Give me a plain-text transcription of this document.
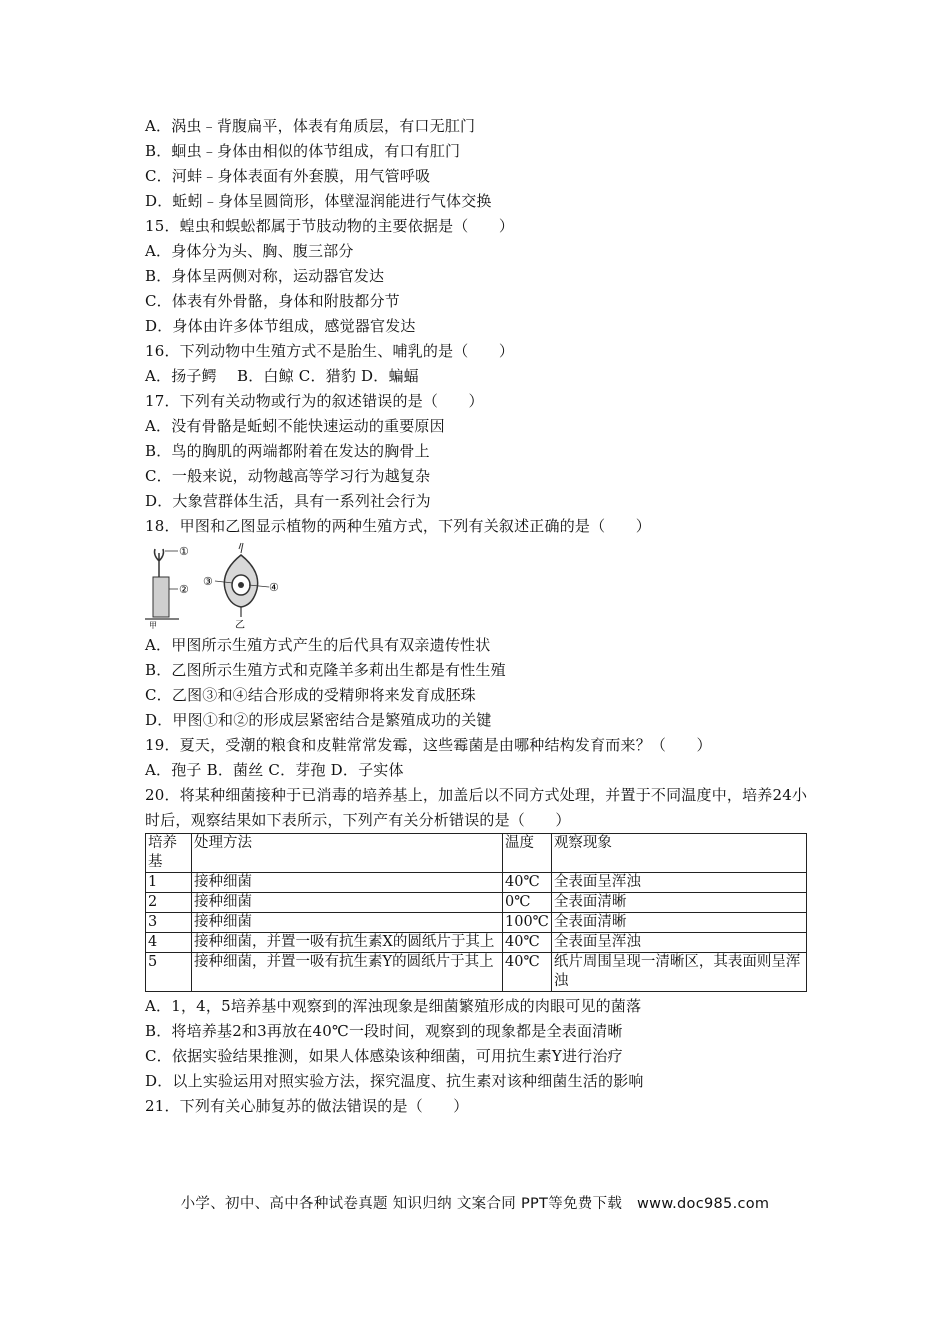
A．涡虫﹣背腹扁平，体表有角质层，有口无肛门
B．蛔虫﹣身体由相似的体节组成，有口有肛门
C．河蚌﹣身体表面有外套膜，用气管呼吸
D．蚯蚓﹣身体呈圆筒形，体壁湿润能进行气体交换
15．蝗虫和蜈蚣都属于节肢动物的主要依据是（　　）
A．身体分为头、胸、腹三部分
B．身体呈两侧对称，运动器官发达
C．体表有外骨骼，身体和附肢都分节
D．身体由许多体节组成，感觉器官发达
16．下列动物中生殖方式不是胎生、哺乳的是（　　）
A．扬子鳄　 B．白鲸 C．猎豹 D．蝙蝠
17．下列有关动物或行为的叙述错误的是（　　）
A．没有骨骼是蚯蚓不能快速运动的重要原因
B．鸟的胸肌的两端都附着在发达的胸骨上
C．一般来说，动物越高等学习行为越复杂
D．大象营群体生活，具有一系列社会行为
18．甲图和乙图显示植物的两种生殖方式，下列有关叙述正确的是（　　）
①
②
甲
③	④
乙
A．甲图所示生殖方式产生的后代具有双亲遗传性状
B．乙图所示生殖方式和克隆羊多莉出生都是有性生殖
C．乙图③和④结合形成的受精卵将来发育成胚珠
D．甲图①和②的形成层紧密结合是繁殖成功的关键
19．夏天，受潮的粮食和皮鞋常常发霉，这些霉菌是由哪种结构发育而来？（　　）
A．孢子 B．菌丝 C．芽孢 D．子实体
20．将某种细菌接种于已消毒的培养基上，加盖后以不同方式处理，并置于不同温度中，培养24小时后，观察结果如下表所示，下列产有关分析错误的是（　　）
培养基	处理方法	温度	观察现象
1	接种细菌	40℃	全表面呈浑浊
2	接种细菌	0℃	全表面清晰
3	接种细菌	100℃	全表面清晰
4	接种细菌，并置一吸有抗生素X的圆纸片于其上	40℃	全表面呈浑浊
5	接种细菌，并置一吸有抗生素Y的圆纸片于其上	40℃	纸片周围呈现一清晰区，其表面则呈浑浊
A．1，4，5培养基中观察到的浑浊现象是细菌繁殖形成的肉眼可见的菌落
B．将培养基2和3再放在40℃一段时间，观察到的现象都是全表面清晰
C．依据实验结果推测，如果人体感染该种细菌，可用抗生素Y进行治疗
D．以上实验运用对照实验方法，探究温度、抗生素对该种细菌生活的影响
21．下列有关心肺复苏的做法错误的是（　　）
小学、初中、高中各种试卷真题 知识归纳 文案合同 PPT等免费下载　www.doc985.com
